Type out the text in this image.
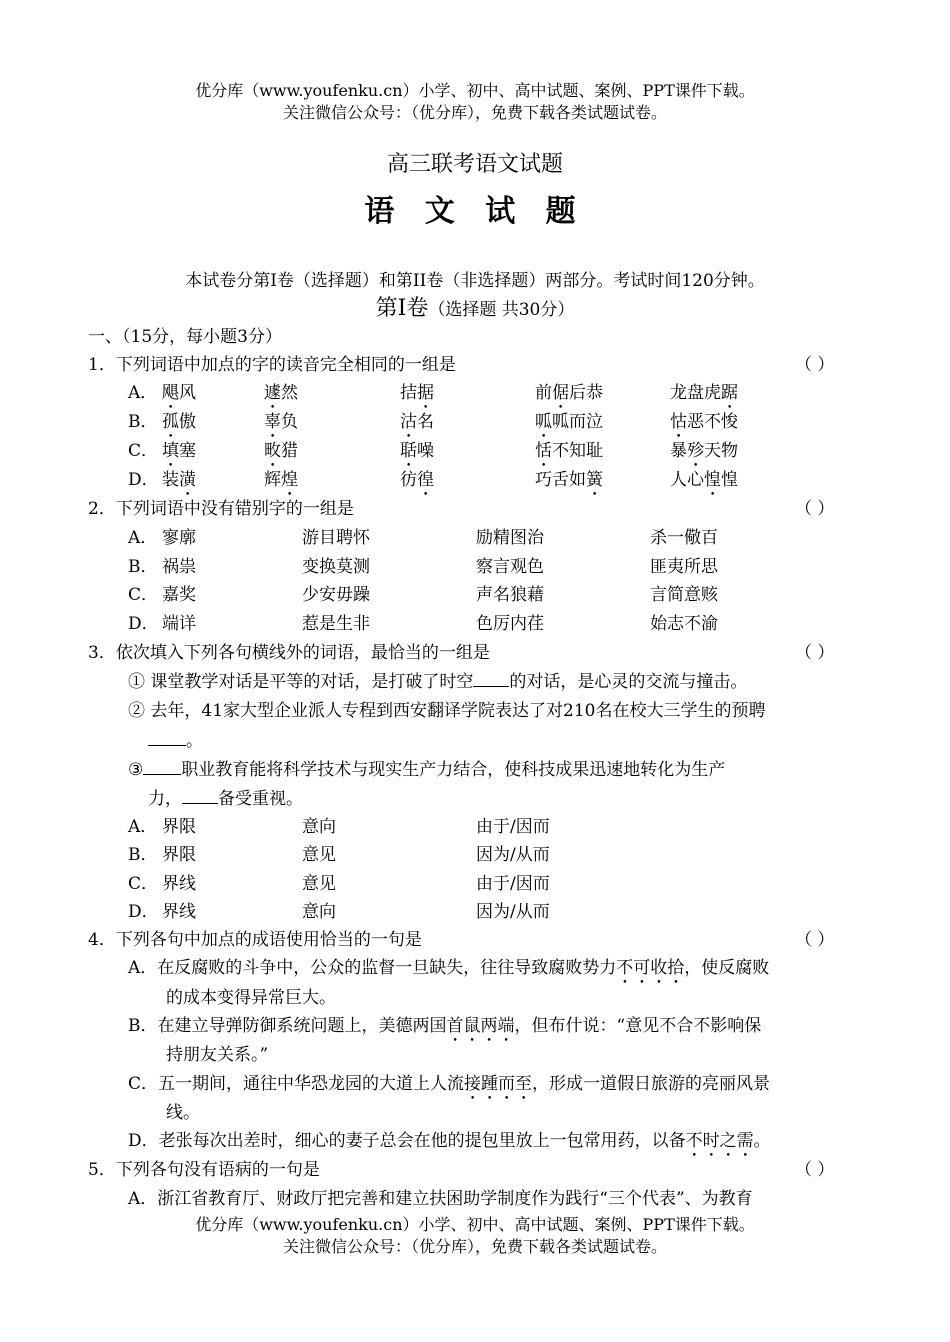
优分库（www.youfenku.cn）小学、初中、高中试题、案例、PPT课件下载。
关注微信公众号：（优分库），免费下载各类试题试卷。
高三联考语文试题
语 文 试 题
本试卷分第I卷（选择题）和第II卷（非选择题）两部分。考试时间120分钟。
第I卷（选择题 共30分）
一、（15分，每小题3分）
1．下列词语中加点的字的读音完全相同的一组是	（ ）
A． 飓风	遽然	拮据	前倨后恭	龙盘虎踞
B． 孤傲	辜负	沽名	呱呱而泣	怙恶不悛
C． 填塞	畋猎	聒噪	恬不知耻	暴殄天物
D． 装潢	辉煌	彷徨	巧舌如簧	人心惶惶
2．下列词语中没有错别字的一组是	（ ）
A． 寥廓	游目聘怀	励精图治	杀一儆百
B． 祸祟	变换莫测	察言观色	匪夷所思
C． 嘉奖	少安毋躁	声名狼藉	言简意赅
D． 端详	惹是生非	色厉内荏	始志不渝
3．依次填入下列各句横线外的词语，最恰当的一组是	（ ）
① 课堂教学对话是平等的对话，是打破了时空 的对话，是心灵的交流与撞击。
② 去年，41家大型企业派人专程到西安翻译学院表达了对210名在校大三学生的预聘
。
③ 职业教育能将科学技术与现实生产力结合，使科技成果迅速地转化为生产
力， 备受重视。
A． 界限	意向	由于/因而
B． 界限	意见	因为/从而
C． 界线	意见	由于/因而
D． 界线	意向	因为/从而
4．下列各句中加点的成语使用恰当的一句是	（ ）
A．在反腐败的斗争中，公众的监督一旦缺失，往往导致腐败势力不可收拾，使反腐败
的成本变得异常巨大。
B．在建立导弹防御系统问题上，美德两国首鼠两端，但布什说：“意见不合不影响保
持朋友关系。”
C．五一期间，通往中华恐龙园的大道上人流接踵而至，形成一道假日旅游的亮丽风景
线。
D．老张每次出差时，细心的妻子总会在他的提包里放上一包常用药，以备不时之需。
5．下列各句没有语病的一句是	（ ）
A．浙江省教育厅、财政厅把完善和建立扶困助学制度作为践行“三个代表”、为教育
优分库（www.youfenku.cn）小学、初中、高中试题、案例、PPT课件下载。
关注微信公众号：（优分库），免费下载各类试题试卷。
